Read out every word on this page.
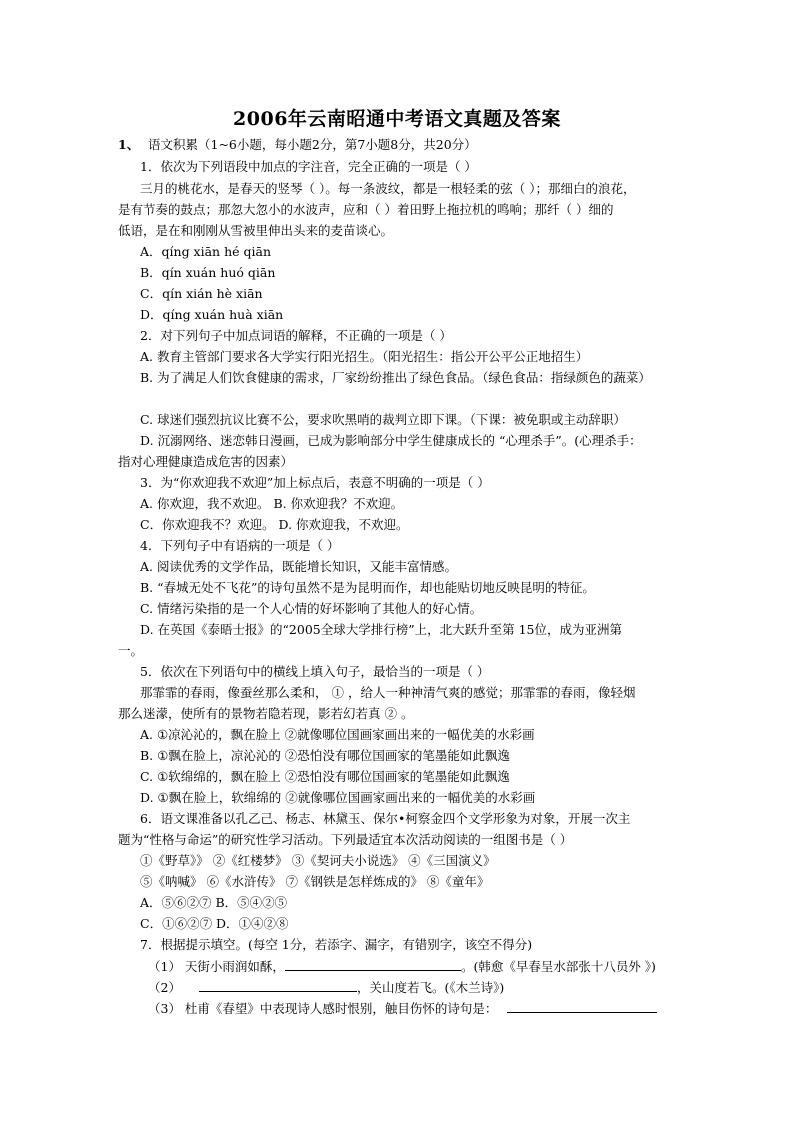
2006年云南昭通中考语文真题及答案
1、 语文积累（1~6小题，每小题2分，第7小题8分，共20分）
1．依次为下列语段中加点的字注音，完全正确的一项是（ ）
三月的桃花水，是春天的竖琴（ ）。每一条波纹，都是一根轻柔的弦（ ）；那细白的浪花，
是有节奏的鼓点；那忽大忽小的水波声，应和（ ）着田野上拖拉机的鸣响；那纤（ ）细的
低语，是在和刚刚从雪被里伸出头来的麦苗谈心。
A．qíng xiān hé qiān
B．qín xuán huó qiān
C．qín xián hè xiān
D．qíng xuán huà xiān
2．对下列句子中加点词语的解释，不正确的一项是（ ）
A. 教育主管部门要求各大学实行阳光招生。（阳光招生：指公开公平公正地招生）
B. 为了满足人们饮食健康的需求，厂家纷纷推出了绿色食品。（绿色食品：指绿颜色的蔬菜）
C. 球迷们强烈抗议比赛不公，要求吹黑哨的裁判立即下课。（下课：被免职或主动辞职）
D. 沉溺网络、迷恋韩日漫画，已成为影响部分中学生健康成长的 “心理杀手”。(心理杀手：
指对心理健康造成危害的因素）
3．为“你欢迎我不欢迎”加上标点后，表意不明确的一项是（ ）
A. 你欢迎，我不欢迎。 B. 你欢迎我？不欢迎。
C．你欢迎我不？欢迎。 D. 你欢迎我，不欢迎。
4．下列句子中有语病的一项是（ ）
A. 阅读优秀的文学作品，既能增长知识，又能丰富情感。
B. “春城无处不飞花”的诗句虽然不是为昆明而作，却也能贴切地反映昆明的特征。
C. 情绪污染指的是一个人心情的好坏影响了其他人的好心情。
D. 在英国《泰晤士报》的“2005全球大学排行榜”上，北大跃升至第 15位，成为亚洲第
一。
5．依次在下列语句中的横线上填入句子，最恰当的一项是（ ）
那霏霏的春雨，像蚕丝那么柔和， ① ，给人一种神清气爽的感觉；那霏霏的春雨，像轻烟
那么迷濛，使所有的景物若隐若现，影若幻若真 ② 。
A. ①凉沁沁的，飘在脸上 ②就像哪位国画家画出来的一幅优美的水彩画
B. ①飘在脸上，凉沁沁的 ②恐怕没有哪位国画家的笔墨能如此飘逸
C. ①软绵绵的，飘在脸上 ②恐怕没有哪位国画家的笔墨能如此飘逸
D. ①飘在脸上，软绵绵的 ②就像哪位国画家画出来的一幅优美的水彩画
6．语文课准备以孔乙己、杨志、林黛玉、保尔•柯察金四个文学形象为对象，开展一次主
题为“性格与命运”的研究性学习活动。下列最适宜本次活动阅读的一组图书是（ ）
①《野草》》 ②《红楼梦》 ③《契诃夫小说选》 ④《三国演义》
⑤《呐喊》 ⑥《水浒传》 ⑦《钢铁是怎样炼成的》 ⑧《童年》
A．⑤⑥②⑦ B．⑤④②⑤
C．①⑥②⑦ D．①④②⑧
7．根据提示填空。(每空 1分，若添字、漏字，有错别字，该空不得分)
（1） 天街小雨润如酥，	。(韩愈《早春呈水部张十八员外 》)
（2）	，关山度若飞。(《木兰诗》)
（3） 杜甫《春望》中表现诗人感时恨别，触目伤怀的诗句是：
